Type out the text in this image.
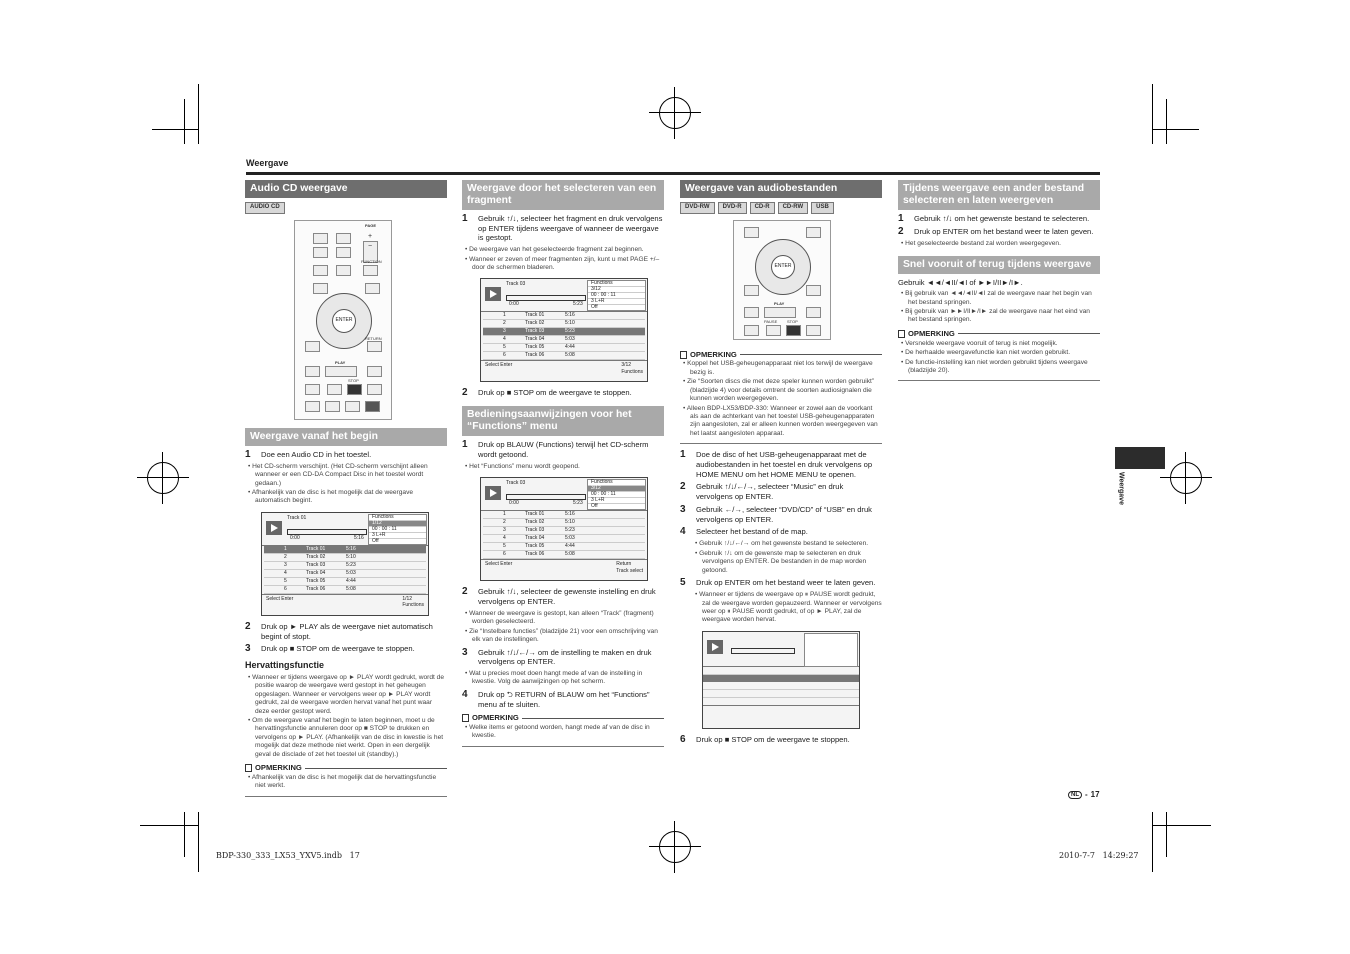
Weergave
Weergave
Audio CD weergave
AUDIO CD
PAGE
+
−
FUNCTION
ENTER
RETURN
PLAY
STOP
Weergave vanaf het begin
1	Doe een Audio CD in het toestel.
• Het CD-scherm verschijnt. (Het CD-scherm verschijnt alleen wanneer er een CD-DA Compact Disc in het toestel wordt gedaan.)
• Afhankelijk van de disc is het mogelijk dat de weergave automatisch begint.
Track 01
0:00	5:16
Functions
1/12
00 : 00 : 11
3 L+R
Off
1	Track 01	5:16
2	Track 02	5:10
3	Track 03	5:23
4	Track 04	5:03
5	Track 05	4:44
6	Track 06	5:08
Select Enter	1/12
Functions
2	Druk op ► PLAY als de weergave niet automatisch begint of stopt.
3	Druk op ■ STOP om de weergave te stoppen.
Hervattingsfunctie
• Wanneer er tijdens weergave op ► PLAY wordt gedrukt, wordt de positie waarop de weergave werd gestopt in het geheugen opgeslagen. Wanneer er vervolgens weer op ► PLAY wordt gedrukt, zal de weergave worden hervat vanaf het punt waar deze eerder gestopt werd.
• Om de weergave vanaf het begin te laten beginnen, moet u de hervattingsfunctie annuleren door op ■ STOP te drukken en vervolgens op ► PLAY. (Afhankelijk van de disc in kwestie is het mogelijk dat deze methode niet werkt. Open in een dergelijk geval de disclade of zet het toestel uit (standby).)
OPMERKING
• Afhankelijk van de disc is het mogelijk dat de hervattingsfunctie niet werkt.
Weergave door het selecteren van een fragment
1	Gebruik ↑/↓, selecteer het fragment en druk vervolgens op ENTER tijdens weergave of wanneer de weergave is gestopt.
• De weergave van het geselecteerde fragment zal beginnen.
• Wanneer er zeven of meer fragmenten zijn, kunt u met PAGE +/– door de schermen bladeren.
Track 03
0:00	5:23
Functions
3/12
00 : 00 : 11
3 L+R
Off
1	Track 01	5:16
2	Track 02	5:10
3	Track 03	5:23
4	Track 04	5:03
5	Track 05	4:44
6	Track 06	5:08
Select Enter	3/12
Functions
2	Druk op ■ STOP om de weergave te stoppen.
Bedieningsaanwijzingen voor het “Functions” menu
1	Druk op BLAUW (Functions) terwijl het CD-scherm wordt getoond.
• Het “Functions” menu wordt geopend.
Track 03
0:00	5:23
Functions
3/12
00 : 00 : 11
3 L+R
Off
1	Track 01	5:16
2	Track 02	5:10
3	Track 03	5:23
4	Track 04	5:03
5	Track 05	4:44
6	Track 06	5:08
Select Enter	Return
Track select
2	Gebruik ↑/↓, selecteer de gewenste instelling en druk vervolgens op ENTER.
• Wanneer de weergave is gestopt, kan alleen “Track” (fragment) worden geselecteerd.
• Zie “Instelbare functies” (bladzijde 21) voor een omschrijving van elk van de instellingen.
3	Gebruik ↑/↓/←/→ om de instelling te maken en druk vervolgens op ENTER.
• Wat u precies moet doen hangt mede af van de instelling in kwestie. Volg de aanwijzingen op het scherm.
4	Druk op ⮌ RETURN of BLAUW om het “Functions” menu af te sluiten.
OPMERKING
• Welke items er getoond worden, hangt mede af van de disc in kwestie.
Weergave van audiobestanden
DVD-RW	DVD-R	CD-R	CD-RW	USB
ENTER
PLAY
PAUSE STOP
OPMERKING
• Koppel het USB-geheugenapparaat niet los terwijl de weergave bezig is.
• Zie “Soorten discs die met deze speler kunnen worden gebruikt” (bladzijde 4) voor details omtrent de soorten audiosignalen die kunnen worden weergegeven.
• Alleen BDP-LX53/BDP-330: Wanneer er zowel aan de voorkant als aan de achterkant van het toestel USB-geheugenapparaten zijn aangesloten, zal er alleen kunnen worden weergegeven van het laatst aangesloten apparaat.
1	Doe de disc of het USB-geheugenapparaat met de audiobestanden in het toestel en druk vervolgens op HOME MENU om het HOME MENU te openen.
2	Gebruik ↑/↓/←/→, selecteer “Music” en druk vervolgens op ENTER.
3	Gebruik ←/→, selecteer “DVD/CD” of “USB” en druk vervolgens op ENTER.
4	Selecteer het bestand of de map.
• Gebruik ↑/↓/←/→ om het gewenste bestand te selecteren.
• Gebruik ↑/↓ om de gewenste map te selecteren en druk vervolgens op ENTER. De bestanden in de map worden getoond.
5	Druk op ENTER om het bestand weer te laten geven.
• Wanneer er tijdens de weergave op ⏸ PAUSE wordt gedrukt, zal de weergave worden gepauzeerd. Wanneer er vervolgens weer op ⏸ PAUSE wordt gedrukt, of op ► PLAY, zal de weergave worden hervat.
6	Druk op ■ STOP om de weergave te stoppen.
Tijdens weergave een ander bestand selecteren en laten weergeven
1	Gebruik ↑/↓ om het gewenste bestand te selecteren.
2	Druk op ENTER om het bestand weer te laten geven.
• Het geselecteerde bestand zal worden weergegeven.
Snel vooruit of terug tijdens weergave
Gebruik ◄◄/◄II/◄I of ►►I/II►/I►.
• Bij gebruik van ◄◄/◄II/◄I zal de weergave naar het begin van het bestand springen.
• Bij gebruik van ►►I/II►/I► zal de weergave naar het eind van het bestand springen.
OPMERKING
• Versnelde weergave vooruit of terug is niet mogelijk.
• De herhaalde weergavefunctie kan niet worden gebruikt.
• De functie-instelling kan niet worden gebruikt tijdens weergave (bladzijde 20).
NL - 17
BDP-330_333_LX53_YXV5.indb   17	2010-7-7   14:29:27
